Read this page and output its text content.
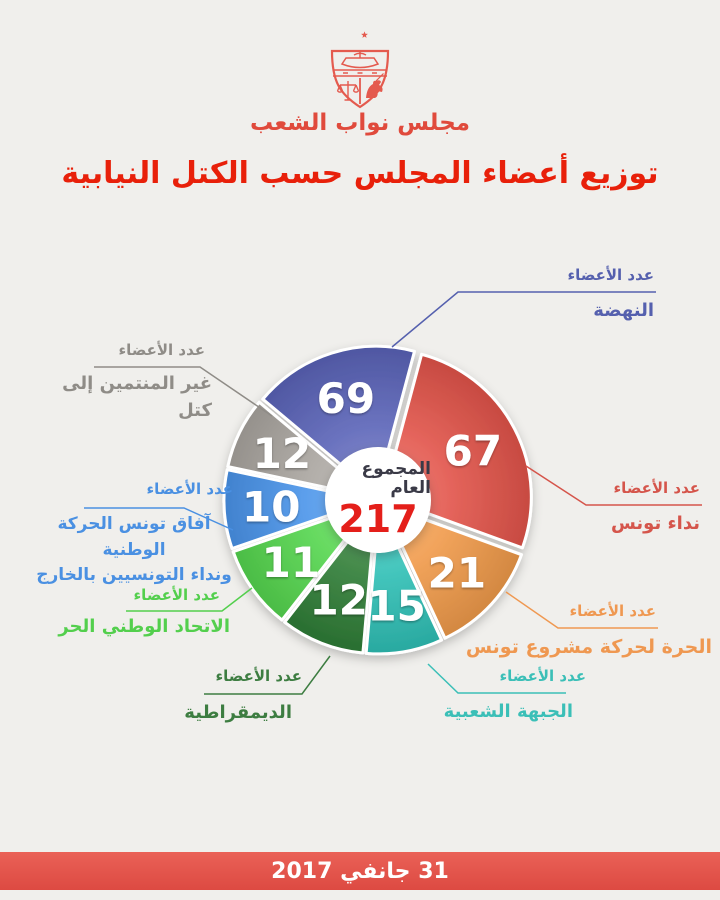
مجلس نواب الشعب
توزيع أعضاء المجلس حسب الكتل النيابية
69
67
21
15
12
11
10
12	المجموع العام
217
عدد الأعضاء
النهضة
عدد الأعضاء
نداء تونس
عدد الأعضاء
الحرة لحركة مشروع تونس
عدد الأعضاء
الجبهة الشعبية
عدد الأعضاء
الديمقراطية
عدد الأعضاء
الاتحاد الوطني الحر
عدد الأعضاء
آفاق تونس الحركة الوطنية
ونداء التونسيين بالخارج
عدد الأعضاء
غير المنتمين إلى كتل
31 جانفي 2017
